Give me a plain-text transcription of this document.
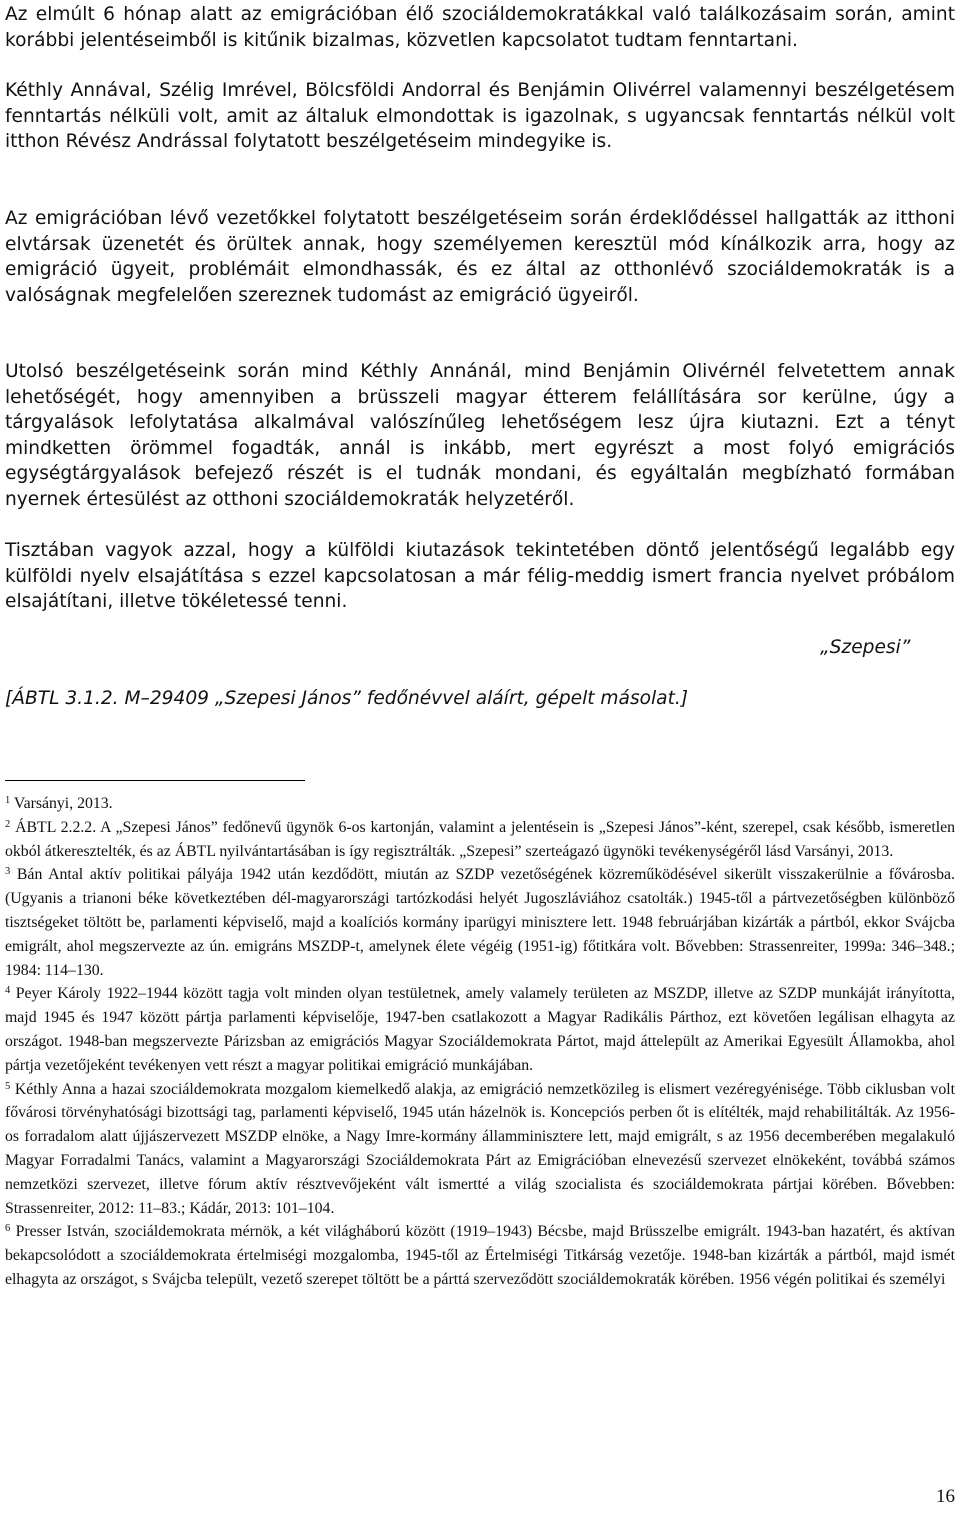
Az elmúlt 6 hónap alatt az emigrációban élő szociáldemokratákkal való találkozásaim során, amint korábbi jelentéseimből is kitűnik bizalmas, közvetlen kapcsolatot tudtam fenntartani.

Kéthly Annával, Szélig Imrével, Bölcsföldi Andorral és Benjámin Olivérrel valamennyi beszélgetésem fenntartás nélküli volt, amit az általuk elmondottak is igazolnak, s ugyancsak fenntartás nélkül volt itthon Révész Andrással folytatott beszélgetéseim mindegyike is.

Az emigrációban lévő vezetőkkel folytatott beszélgetéseim során érdeklődéssel hallgatták az itthoni elvtársak üzenetét és örültek annak, hogy személyemen keresztül mód kínálkozik arra, hogy az emigráció ügyeit, problémáit elmondhassák, és ez által az otthonlévő szociáldemokraták is a valóságnak megfelelően szereznek tudomást az emigráció ügyeiről.

Utolsó beszélgetéseink során mind Kéthly Annánál, mind Benjámin Olivérnél felvetettem annak lehetőségét, hogy amennyiben a brüsszeli magyar étterem felállítására sor kerülne, úgy a tárgyalások lefolytatása alkalmával valószínűleg lehetőségem lesz újra kiutazni. Ezt a tényt mindketten örömmel fogadták, annál is inkább, mert egyrészt a most folyó emigrációs egységtárgyalások befejező részét is el tudnák mondani, és egyáltalán megbízható formában nyernek értesülést az otthoni szociáldemokraták helyzetéről.

Tisztában vagyok azzal, hogy a külföldi kiutazások tekintetében döntő jelentőségű legalább egy külföldi nyelv elsajátítása s ezzel kapcsolatosan a már félig-meddig ismert francia nyelvet próbálom elsajátítani, illetve tökéletessé tenni.

„Szepesi”

[ÁBTL 3.1.2. M–29409 „Szepesi János” fedőnévvel aláírt, gépelt másolat.]

$^1$ Varsányi, 2013.

$^2$ ÁBTL 2.2.2. A „Szepesi János” fedőnevű ügynök 6-os kartonján, valamint a jelentésein is „Szepesi János”-ként, szerepel, csak később, ismeretlen okból átkeresztelték, és az ÁBTL nyilvántartásában is így regisztrálták. „Szepesi” szerteágazó ügynöki tevékenységéről lásd Varsányi, 2013.

$^3$ Bán Antal aktív politikai pályája 1942 után kezdődött, miután az SZDP vezetőségének közreműködésével sikerült visszakerülnie a fővárosba. (Ugyanis a trianoni béke következtében dél-magyarországi tartózkodási helyét Jugoszláviához csatolták.) 1945-től a pártvezetőségben különböző tisztségeket töltött be, parlamenti képviselő, majd a koalíciós kormány iparügyi minisztere lett. 1948 februárjában kizárták a pártból, ekkor Svájcba emigrált, ahol megszervezte az ún. emigráns MSZDP-t, amelynek élete végéig (1951-ig) főtitkára volt. Bővebben: Strassenreiter, 1999a: 346–348.; 1984: 114–130.

$^4$ Peyer Károly 1922–1944 között tagja volt minden olyan testületnek, amely valamely területen az MSZDP, illetve az SZDP munkáját irányította, majd 1945 és 1947 között pártja parlamenti képviselője, 1947-ben csatlakozott a Magyar Radikális Párthoz, ezt követően legálisan elhagyta az országot. 1948-ban megszervezte Párizsban az emigrációs Magyar Szociáldemokrata Pártot, majd áttelepült az Amerikai Egyesült Államokba, ahol pártja vezetőjeként tevékenyen vett részt a magyar politikai emigráció munkájában.

$^5$ Kéthly Anna a hazai szociáldemokrata mozgalom kiemelkedő alakja, az emigráció nemzetközileg is elismert vezéregyénisége. Több ciklusban volt fővárosi törvényhatósági bizottsági tag, parlamenti képviselő, 1945 után házelnök is. Koncepciós perben őt is elítélték, majd rehabilitálták. Az 1956-os forradalom alatt újjászervezett MSZDP elnöke, a Nagy Imre-kormány államminisztere lett, majd emigrált, s az 1956 decemberében megalakuló Magyar Forradalmi Tanács, valamint a Magyarországi Szociáldemokrata Párt az Emigrációban elnevezésű szervezet elnökeként, továbbá számos nemzetközi szervezet, illetve fórum aktív résztvevőjeként vált ismertté a világ szocialista és szociáldemokrata pártjai körében. Bővebben: Strassenreiter, 2012: 11–83.; Kádár, 2013: 101–104.

$^6$ Presser István, szociáldemokrata mérnök, a két világháború között (1919–1943) Bécsbe, majd Brüsszelbe emigrált. 1943-ban hazatért, és aktívan bekapcsolódott a szociáldemokrata értelmiségi mozgalomba, 1945-től az Értelmiségi Titkárság vezetője. 1948-ban kizárták a pártból, majd ismét elhagyta az országot, s Svájcba települt, vezető szerepet töltött be a párttá szerveződött szociáldemokraták körében. 1956 végén politikai és személyi

16
